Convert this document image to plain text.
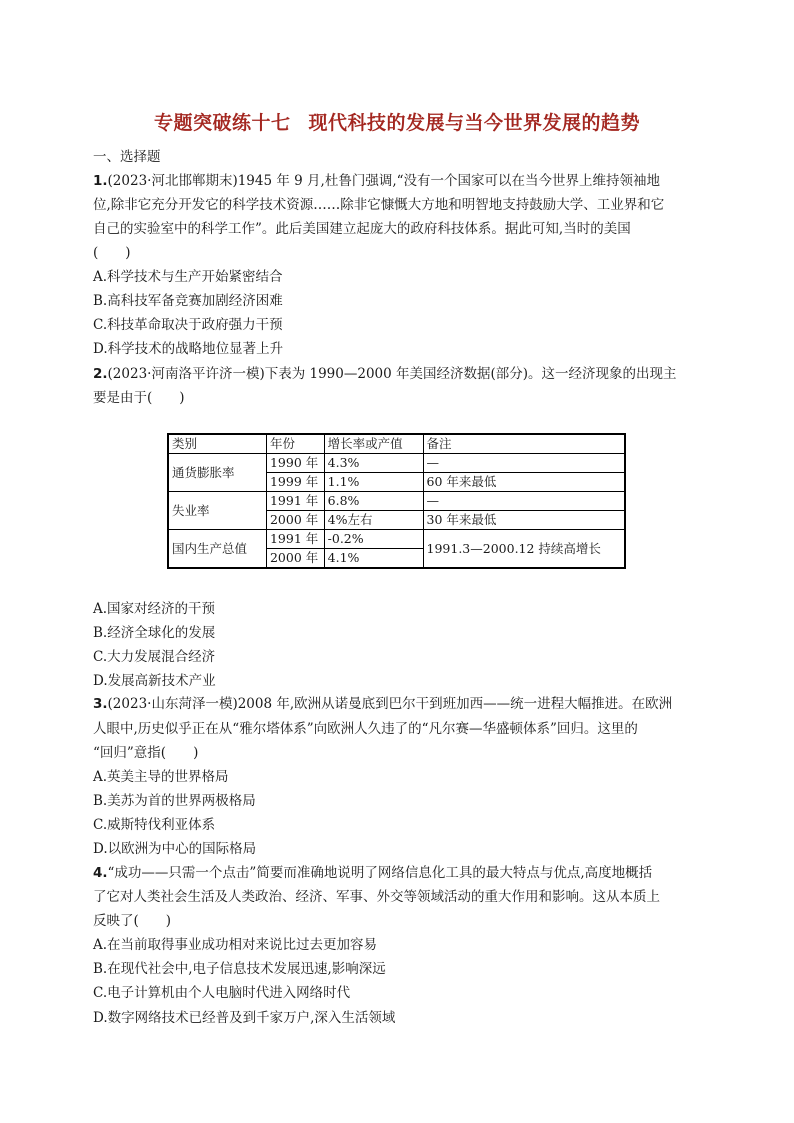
专题突破练十七 现代科技的发展与当今世界发展的趋势
一、选择题
1.(2023·河北邯郸期末)1945 年 9 月,杜鲁门强调,“没有一个国家可以在当今世界上维持领袖地
位,除非它充分开发它的科学技术资源……除非它慷慨大方地和明智地支持鼓励大学、工业界和它
自己的实验室中的科学工作”。此后美国建立起庞大的政府科技体系。据此可知,当时的美国
(　　)
A.科学技术与生产开始紧密结合
B.高科技军备竞赛加剧经济困难
C.科技革命取决于政府强力干预
D.科学技术的战略地位显著上升
2.(2023·河南洛平许济一模)下表为 1990—2000 年美国经济数据(部分)。这一经济现象的出现主
要是由于(　　)
类别	年份	增长率或产值	备注
通货膨胀率	1990 年	4.3%	—
	1999 年	1.1%	60 年来最低
失业率	1991 年	6.8%	—
	2000 年	4%左右	30 年来最低
国内生产总值	1991 年	-0.2%	1991.3—2000.12 持续高增长
	2000 年	4.1%	
A.国家对经济的干预
B.经济全球化的发展
C.大力发展混合经济
D.发展高新技术产业
3.(2023·山东菏泽一模)2008 年,欧洲从诺曼底到巴尔干到班加西——统一进程大幅推进。在欧洲
人眼中,历史似乎正在从“雅尔塔体系”向欧洲人久违了的“凡尔赛—华盛顿体系”回归。这里的
“回归”意指(　　)
A.英美主导的世界格局
B.美苏为首的世界两极格局
C.威斯特伐利亚体系
D.以欧洲为中心的国际格局
4.“成功——只需一个点击”简要而准确地说明了网络信息化工具的最大特点与优点,高度地概括
了它对人类社会生活及人类政治、经济、军事、外交等领域活动的重大作用和影响。这从本质上
反映了(　　)
A.在当前取得事业成功相对来说比过去更加容易
B.在现代社会中,电子信息技术发展迅速,影响深远
C.电子计算机由个人电脑时代进入网络时代
D.数字网络技术已经普及到千家万户,深入生活领域
